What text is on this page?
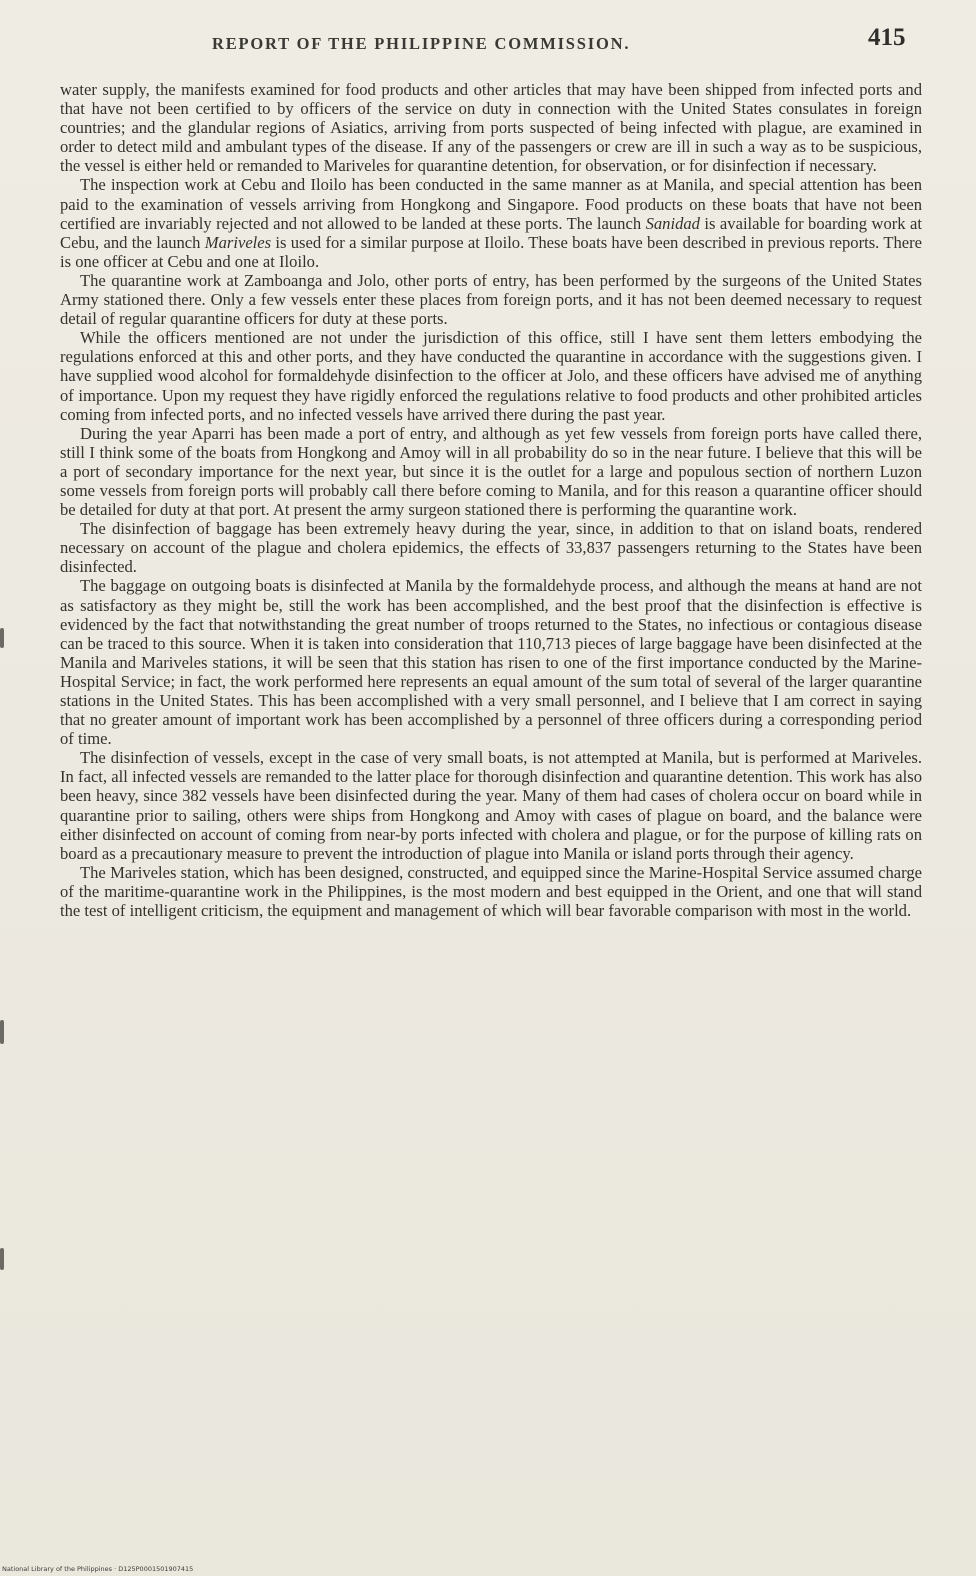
REPORT OF THE PHILIPPINE COMMISSION.	415

water supply, the manifests examined for food products and other articles that may have been shipped from infected ports and that have not been certified to by officers of the service on duty in connection with the United States consulates in foreign countries; and the glandular regions of Asiatics, arriving from ports suspected of being infected with plague, are examined in order to detect mild and ambulant types of the disease. If any of the passengers or crew are ill in such a way as to be suspicious, the vessel is either held or remanded to Mariveles for quarantine detention, for observation, or for disinfection if necessary.

The inspection work at Cebu and Iloilo has been conducted in the same manner as at Manila, and special attention has been paid to the examination of vessels arriving from Hongkong and Singapore. Food products on these boats that have not been certified are invariably rejected and not allowed to be landed at these ports. The launch Sanidad is available for boarding work at Cebu, and the launch Mariveles is used for a similar purpose at Iloilo. These boats have been described in previous reports. There is one officer at Cebu and one at Iloilo.

The quarantine work at Zamboanga and Jolo, other ports of entry, has been performed by the surgeons of the United States Army stationed there. Only a few vessels enter these places from foreign ports, and it has not been deemed necessary to request detail of regular quarantine officers for duty at these ports.

While the officers mentioned are not under the jurisdiction of this office, still I have sent them letters embodying the regulations enforced at this and other ports, and they have conducted the quarantine in accordance with the suggestions given. I have supplied wood alcohol for formaldehyde disinfection to the officer at Jolo, and these officers have advised me of anything of importance. Upon my request they have rigidly enforced the regulations relative to food products and other prohibited articles coming from infected ports, and no infected vessels have arrived there during the past year.

During the year Aparri has been made a port of entry, and although as yet few vessels from foreign ports have called there, still I think some of the boats from Hongkong and Amoy will in all probability do so in the near future. I believe that this will be a port of secondary importance for the next year, but since it is the outlet for a large and populous section of northern Luzon some vessels from foreign ports will probably call there before coming to Manila, and for this reason a quarantine officer should be detailed for duty at that port. At present the army surgeon stationed there is performing the quarantine work.

The disinfection of baggage has been extremely heavy during the year, since, in addition to that on island boats, rendered necessary on account of the plague and cholera epidemics, the effects of 33,837 passengers returning to the States have been disinfected.

The baggage on outgoing boats is disinfected at Manila by the formaldehyde process, and although the means at hand are not as satisfactory as they might be, still the work has been accomplished, and the best proof that the disinfection is effective is evidenced by the fact that notwithstanding the great number of troops returned to the States, no infectious or contagious disease can be traced to this source. When it is taken into consideration that 110,713 pieces of large baggage have been disinfected at the Manila and Mariveles stations, it will be seen that this station has risen to one of the first importance conducted by the Marine-Hospital Service; in fact, the work performed here represents an equal amount of the sum total of several of the larger quarantine stations in the United States. This has been accomplished with a very small personnel, and I believe that I am correct in saying that no greater amount of important work has been accomplished by a personnel of three officers during a corresponding period of time.

The disinfection of vessels, except in the case of very small boats, is not attempted at Manila, but is performed at Mariveles. In fact, all infected vessels are remanded to the latter place for thorough disinfection and quarantine detention. This work has also been heavy, since 382 vessels have been disinfected during the year. Many of them had cases of cholera occur on board while in quarantine prior to sailing, others were ships from Hongkong and Amoy with cases of plague on board, and the balance were either disinfected on account of coming from near-by ports infected with cholera and plague, or for the purpose of killing rats on board as a precautionary measure to prevent the introduction of plague into Manila or island ports through their agency.

The Mariveles station, which has been designed, constructed, and equipped since the Marine-Hospital Service assumed charge of the maritime-quarantine work in the Philippines, is the most modern and best equipped in the Orient, and one that will stand the test of intelligent criticism, the equipment and management of which will bear favorable comparison with most in the world.

National Library of the Philippines · D125P0001501907415
